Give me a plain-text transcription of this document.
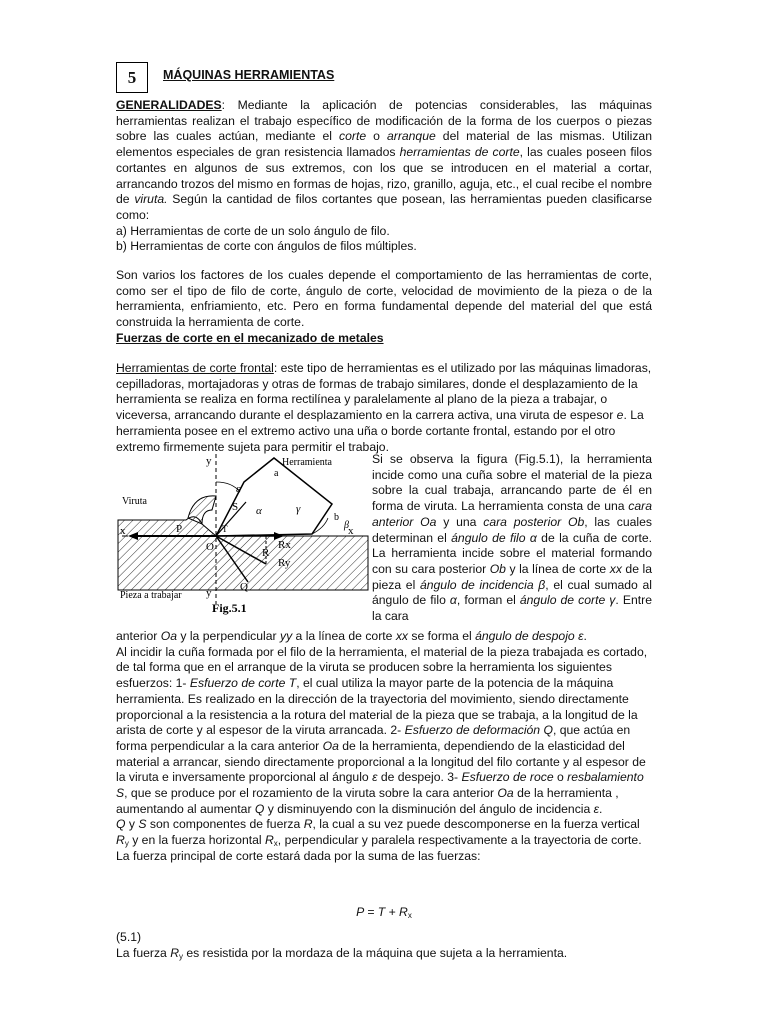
5	MÁQUINAS HERRAMIENTAS

GENERALIDADES: Mediante la aplicación de potencias considerables, las máquinas herramientas realizan el trabajo específico de modificación de la forma de los cuerpos o piezas sobre las cuales actúan, mediante el corte o arranque del material de las mismas. Utilizan elementos especiales de gran resistencia llamados herramientas de corte, las cuales poseen filos cortantes en algunos de sus extremos, con los que se introducen en el material a cortar, arrancando trozos del mismo en formas de hojas, rizo, granillo, aguja, etc., el cual recibe el nombre de viruta. Según la cantidad de filos cortantes que posean, las herramientas pueden clasificarse como:

a) Herramientas de corte de un solo ángulo de filo.

b) Herramientas de corte con ángulos de filos múltiples.

Son varios los factores de los cuales depende el comportamiento de las herramientas de corte, como ser el tipo de filo de corte, ángulo de corte, velocidad de movimiento de la pieza o de la herramienta, enfriamiento, etc. Pero en forma fundamental depende del material del que está construida la herramienta de corte.

Fuerzas de corte en el mecanizado de metales

Herramientas de corte frontal: este tipo de herramientas es el utilizado por las máquinas limadoras, cepilladoras, mortajadoras y otras de formas de trabajo similares, donde el desplazamiento de la herramienta se realiza en forma rectilínea y paralelamente al plano de la pieza a trabajar, o viceversa, arrancando durante el desplazamiento en la carrera activa, una viruta de espesor e. La herramienta posee en el extremo activo una uña o borde cortante frontal, estando por el otro extremo firmemente sujeta para permitir el trabajo.

Herramienta
Viruta
Pieza a trabajar
y
y
x	x
P
O
a
b
S
R
Rx
Ry
Q
ε
α
β
γ
T
Fig.5.1

Si se observa la figura (Fig.5.1), la herramienta incide como una cuña sobre el material de la pieza sobre la cual trabaja, arrancando parte de él en forma de viruta. La herramienta consta de una cara anterior Oa y una cara posterior Ob, las cuales determinan el ángulo de filo α de la cuña de corte. La herramienta incide sobre el material formando con su cara posterior Ob y la línea de corte xx de la pieza el ángulo de incidencia β, el cual sumado al ángulo de filo α, forman el ángulo de corte γ. Entre la cara

anterior Oa y la perpendicular yy a la línea de corte xx se forma el ángulo de despojo ε.

Al incidir la cuña formada por el filo de la herramienta, el material de la pieza trabajada es cortado, de tal forma que en el arranque de la viruta se producen sobre la herramienta los siguientes esfuerzos: 1- Esfuerzo de corte T, el cual utiliza la mayor parte de la potencia de la máquina herramienta. Es realizado en la dirección de la trayectoria del movimiento, siendo directamente proporcional a la resistencia a la rotura del material de la pieza que se trabaja, a la longitud de la arista de corte y al espesor de la viruta arrancada. 2- Esfuerzo de deformación Q, que actúa en forma perpendicular a la cara anterior Oa de la herramienta, dependiendo de la elasticidad del material a arrancar, siendo directamente proporcional a la longitud del filo cortante y al espesor de la viruta e inversamente proporcional al ángulo ε de despejo. 3- Esfuerzo de roce o resbalamiento S, que se produce por el rozamiento de la viruta sobre la cara anterior Oa de la herramienta , aumentando al aumentar Q y disminuyendo con la disminución del ángulo de incidencia ε.

Q y S son componentes de fuerza R, la cual a su vez puede descomponerse en la fuerza vertical $R_y$ y en la fuerza horizontal $R_x$, perpendicular y paralela respectivamente a la trayectoria de corte.

La fuerza principal de corte estará dada por la suma de las fuerzas:

$P = T + R_x$

(5.1)

La fuerza $R_y$ es resistida por la mordaza de la máquina que sujeta a la herramienta.
